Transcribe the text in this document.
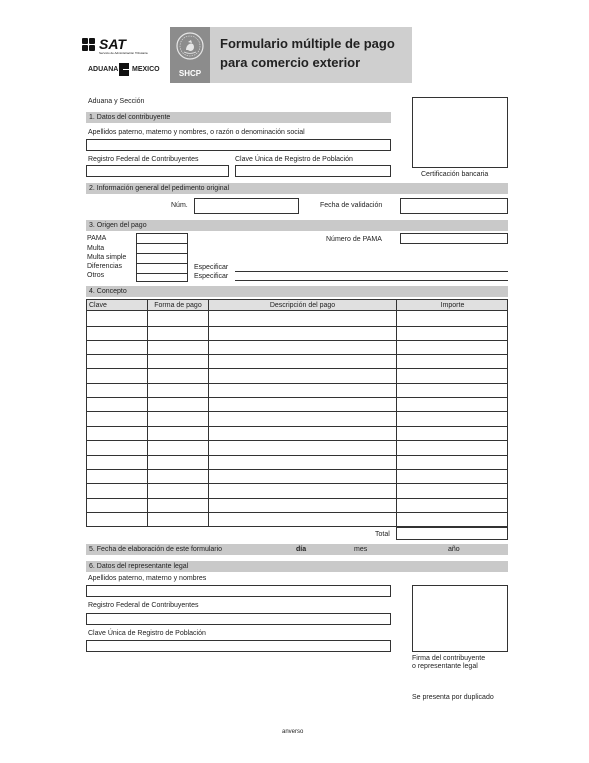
SAT
Servicio de Administración Tributaria
ADUANA MEXICO	SHCP
Formulario múltiple de pago
para comercio exterior
Aduana y Sección
Certificación bancaria
1. Datos del contribuyente
Apellidos paterno, materno y nombres, o razón o denominación social
Registro Federal de Contribuyentes	Clave Única de Registro de Población
2. Información general del pedimento original
Núm.	Fecha de validación
3. Origen del pago
PAMA
Multa
Multa simple
Diferencias
Otros
Especificar
Especificar
Número de PAMA
4. Concepto
Clave	Forma de pago	Descripción del pago	Importe
Total
5. Fecha de elaboración de este formulario	día	mes	año
6. Datos del representante legal
Apellidos paterno, materno y nombres
Registro Federal de Contribuyentes
Clave Única de Registro de Población
Firma del contribuyente
o representante legal
Se presenta por duplicado
anverso
